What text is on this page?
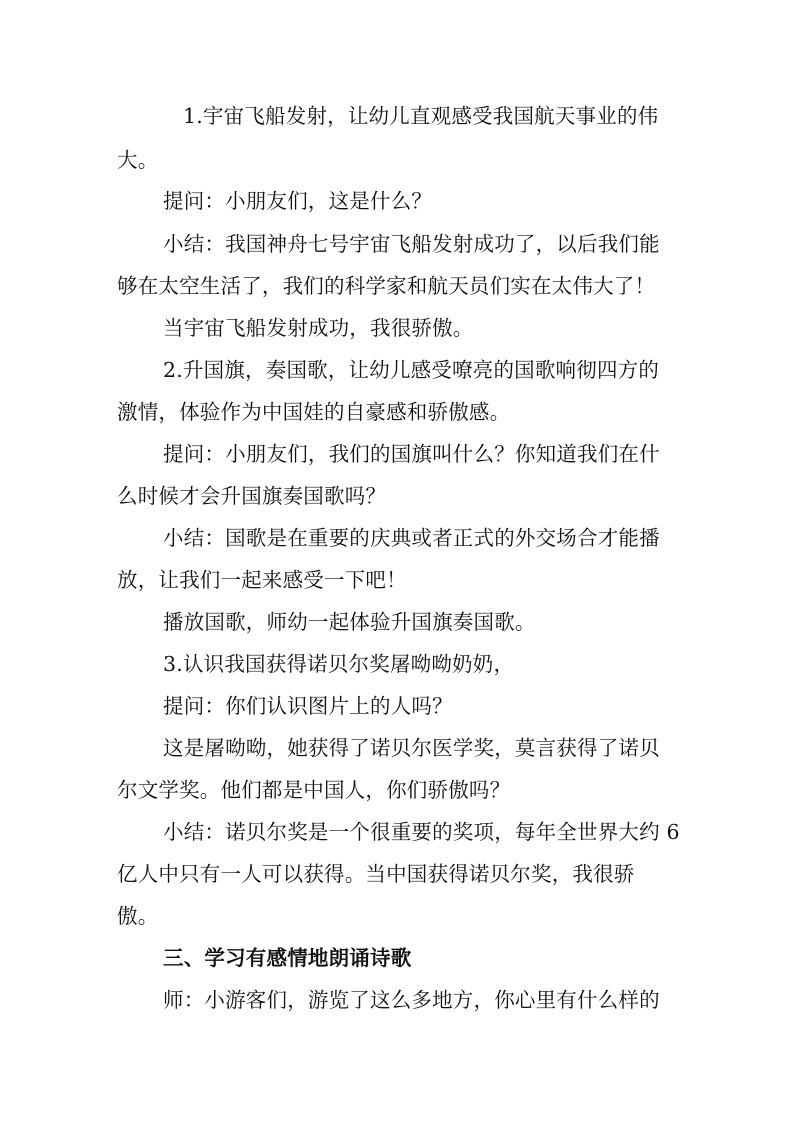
1.宇宙飞船发射，让幼儿直观感受我国航天事业的伟
大。
提问：小朋友们，这是什么？
小结：我国神舟七号宇宙飞船发射成功了，以后我们能
够在太空生活了，我们的科学家和航天员们实在太伟大了！
当宇宙飞船发射成功，我很骄傲。
2.升国旗，奏国歌，让幼儿感受嘹亮的国歌响彻四方的
激情，体验作为中国娃的自豪感和骄傲感。
提问：小朋友们，我们的国旗叫什么？你知道我们在什
么时候才会升国旗奏国歌吗？
小结：国歌是在重要的庆典或者正式的外交场合才能播
放，让我们一起来感受一下吧！
播放国歌，师幼一起体验升国旗奏国歌。
3.认识我国获得诺贝尔奖屠呦呦奶奶，
提问：你们认识图片上的人吗？
这是屠呦呦，她获得了诺贝尔医学奖，莫言获得了诺贝
尔文学奖。他们都是中国人，你们骄傲吗？
小结：诺贝尔奖是一个很重要的奖项，每年全世界大约 6
亿人中只有一人可以获得。当中国获得诺贝尔奖，我很骄
傲。
三、学习有感情地朗诵诗歌
师：小游客们，游览了这么多地方，你心里有什么样的
